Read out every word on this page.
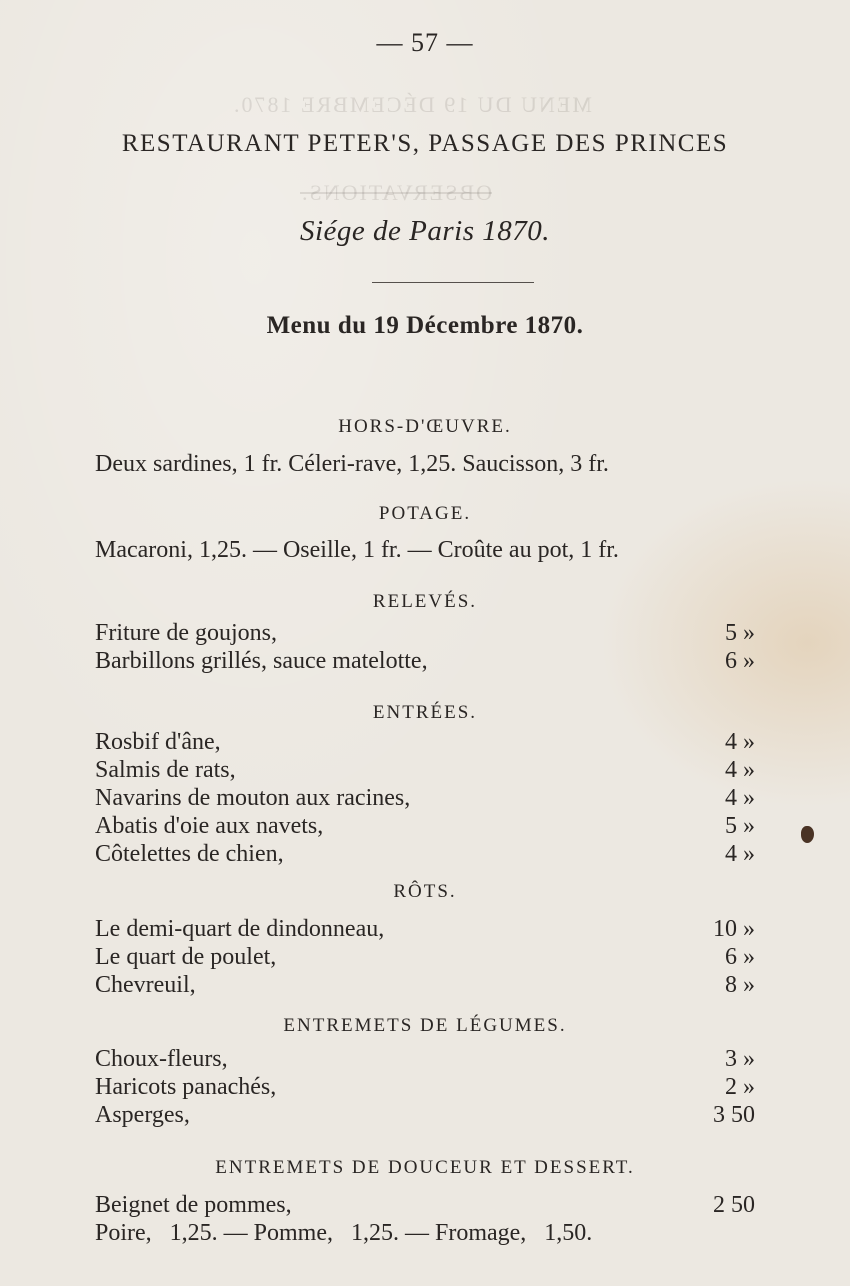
MENU DU 19 DÉCEMBRE 1870.
OBSERVATIONS.
— 57 —
RESTAURANT PETER'S, PASSAGE DES PRINCES
Siége de Paris 1870.
Menu du 19 Décembre 1870.
HORS-D'ŒUVRE.
Deux sardines, 1 fr. Céleri-rave, 1,25. Saucisson, 3 fr.
POTAGE.
Macaroni, 1,25. — Oseille, 1 fr. — Croûte au pot, 1 fr.
RELEVÉS.
Friture de goujons,	5 »
Barbillons grillés, sauce matelotte,	6 »
ENTRÉES.
Rosbif d'âne,	4 »
Salmis de rats,	4 »
Navarins de mouton aux racines,	4 »
Abatis d'oie aux navets,	5 »
Côtelettes de chien,	4 »
RÔTS.
Le demi-quart de dindonneau,	10 »
Le quart de poulet,	6 »
Chevreuil,	8 »
ENTREMETS DE LÉGUMES.
Choux-fleurs,	3 »
Haricots panachés,	2 »
Asperges,	3 50
ENTREMETS DE DOUCEUR ET DESSERT.
Beignet de pommes,	2 50
Poire,   1,25. — Pomme,   1,25. — Fromage,   1,50.
